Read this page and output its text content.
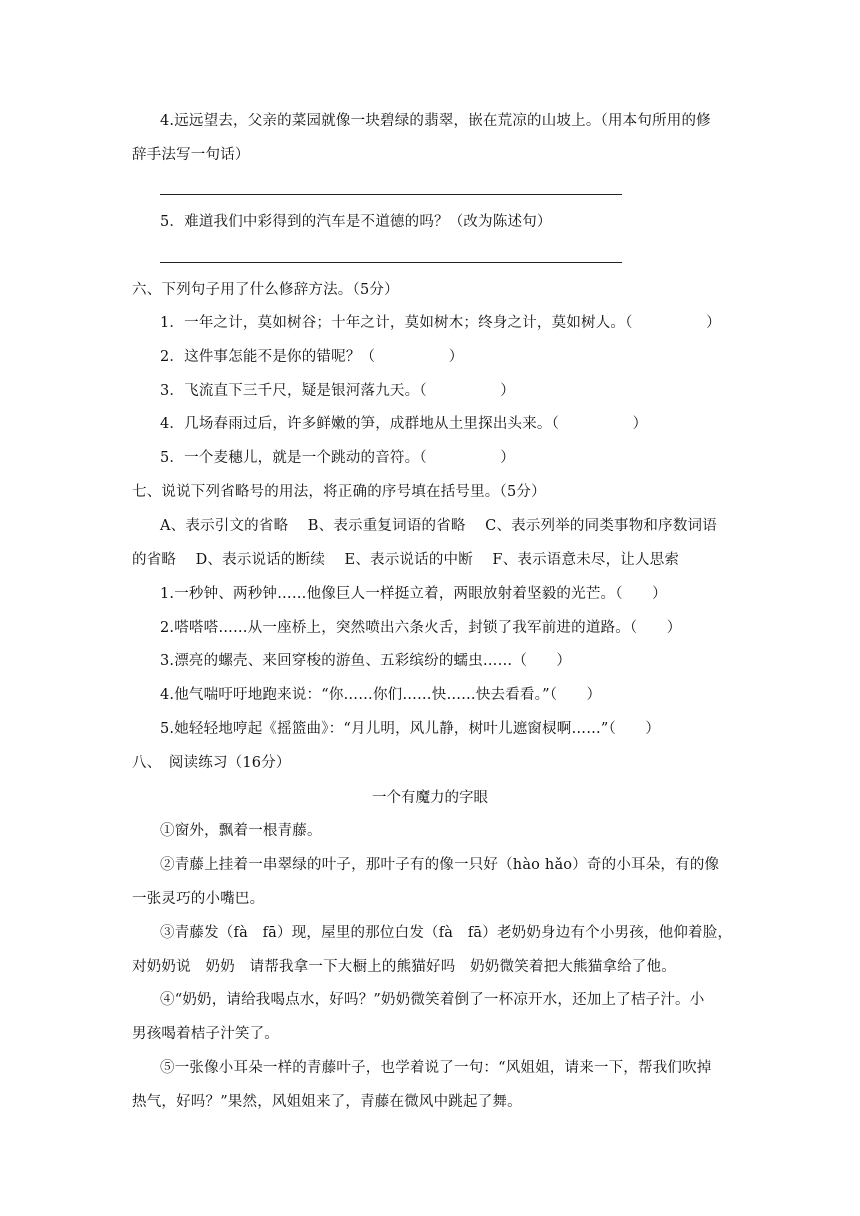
4.远远望去，父亲的菜园就像一块碧绿的翡翠，嵌在荒凉的山坡上。（用本句所用的修
辞手法写一句话）
5．难道我们中彩得到的汽车是不道德的吗？（改为陈述句）
六、下列句子用了什么修辞方法。（5分）
1．一年之计，莫如树谷；十年之计，莫如树木；终身之计，莫如树人。（　　　　　）
2．这件事怎能不是你的错呢？（　　　　　）
3．飞流直下三千尺，疑是银河落九天。（　　　　　）
4．几场春雨过后，许多鲜嫩的笋，成群地从土里探出头来。（　　　　　）
5．一个麦穗儿，就是一个跳动的音符。（　　　　　）
七、说说下列省略号的用法，将正确的序号填在括号里。（5分）
A、表示引文的省略　 B、表示重复词语的省略　 C、表示列举的同类事物和序数词语
的省略　 D、表示说话的断续　 E、表示说话的中断　 F、表示语意未尽，让人思索
1.一秒钟、两秒钟……他像巨人一样挺立着，两眼放射着坚毅的光芒。（　　）
2.嗒嗒嗒……从一座桥上，突然喷出六条火舌，封锁了我军前进的道路。（　　）
3.漂亮的螺壳、来回穿梭的游鱼、五彩缤纷的蠕虫……（　　）
4.他气喘吁吁地跑来说：“你……你们……快……快去看看。”（　　）
5.她轻轻地哼起《摇篮曲》：“月儿明，风儿静，树叶儿遮窗棂啊……”（　　）
八、　阅读练习（16分）
一个有魔力的字眼
①窗外，飘着一根青藤。
②青藤上挂着一串翠绿的叶子，那叶子有的像一只好（hào hǎo）奇的小耳朵，有的像
一张灵巧的小嘴巴。
③青藤发（fà　fā）现，屋里的那位白发（fà　fā）老奶奶身边有个小男孩，他仰着脸，
对奶奶说　奶奶　请帮我拿一下大橱上的熊猫好吗　奶奶微笑着把大熊猫拿给了他。
④“奶奶，请给我喝点水，好吗？”奶奶微笑着倒了一杯凉开水，还加上了桔子汁。小
男孩喝着桔子汁笑了。
⑤一张像小耳朵一样的青藤叶子，也学着说了一句：“风姐姐，请来一下，帮我们吹掉
热气，好吗？”果然，风姐姐来了，青藤在微风中跳起了舞。
